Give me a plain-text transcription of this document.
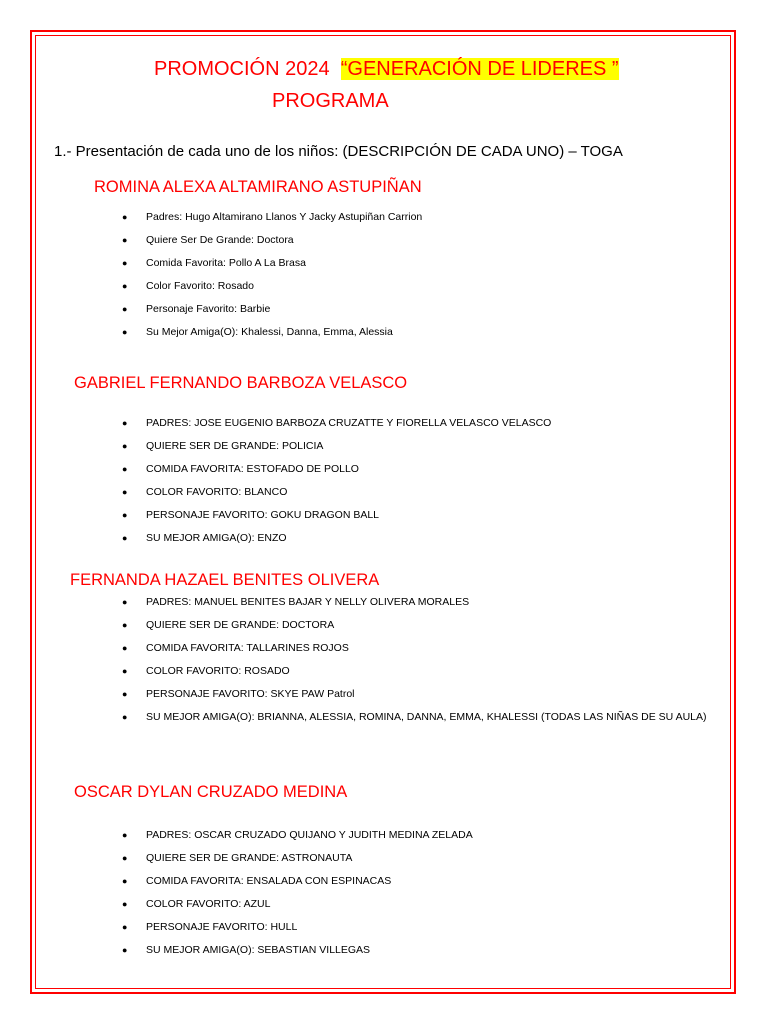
PROMOCIÓN 2024 “GENERACIÓN DE LIDERES ”
PROGRAMA
1.- Presentación de cada uno de los niños: (DESCRIPCIÓN DE CADA UNO) – TOGA
ROMINA ALEXA ALTAMIRANO ASTUPIÑAN
● Padres: Hugo Altamirano Llanos Y Jacky Astupiñan Carrion
● Quiere Ser De Grande: Doctora
● Comida Favorita: Pollo A La Brasa
● Color Favorito: Rosado
● Personaje Favorito: Barbie
● Su Mejor Amiga(O): Khalessi, Danna, Emma, Alessia
GABRIEL FERNANDO BARBOZA VELASCO
● PADRES: JOSE EUGENIO BARBOZA CRUZATTE Y FIORELLA VELASCO VELASCO
● QUIERE SER DE GRANDE: POLICIA
● COMIDA FAVORITA: ESTOFADO DE POLLO
● COLOR FAVORITO: BLANCO
● PERSONAJE FAVORITO: GOKU DRAGON BALL
● SU MEJOR AMIGA(O): ENZO
FERNANDA HAZAEL BENITES OLIVERA
● PADRES: MANUEL BENITES BAJAR Y NELLY OLIVERA MORALES
● QUIERE SER DE GRANDE: DOCTORA
● COMIDA FAVORITA: TALLARINES ROJOS
● COLOR FAVORITO: ROSADO
● PERSONAJE FAVORITO: SKYE PAW Patrol
● SU MEJOR AMIGA(O): BRIANNA, ALESSIA, ROMINA, DANNA, EMMA, KHALESSI (TODAS LAS NIÑAS DE SU AULA)
OSCAR DYLAN CRUZADO MEDINA
● PADRES: OSCAR CRUZADO QUIJANO Y JUDITH MEDINA ZELADA
● QUIERE SER DE GRANDE: ASTRONAUTA
● COMIDA FAVORITA: ENSALADA CON ESPINACAS
● COLOR FAVORITO: AZUL
● PERSONAJE FAVORITO: HULL
● SU MEJOR AMIGA(O): SEBASTIAN VILLEGAS
